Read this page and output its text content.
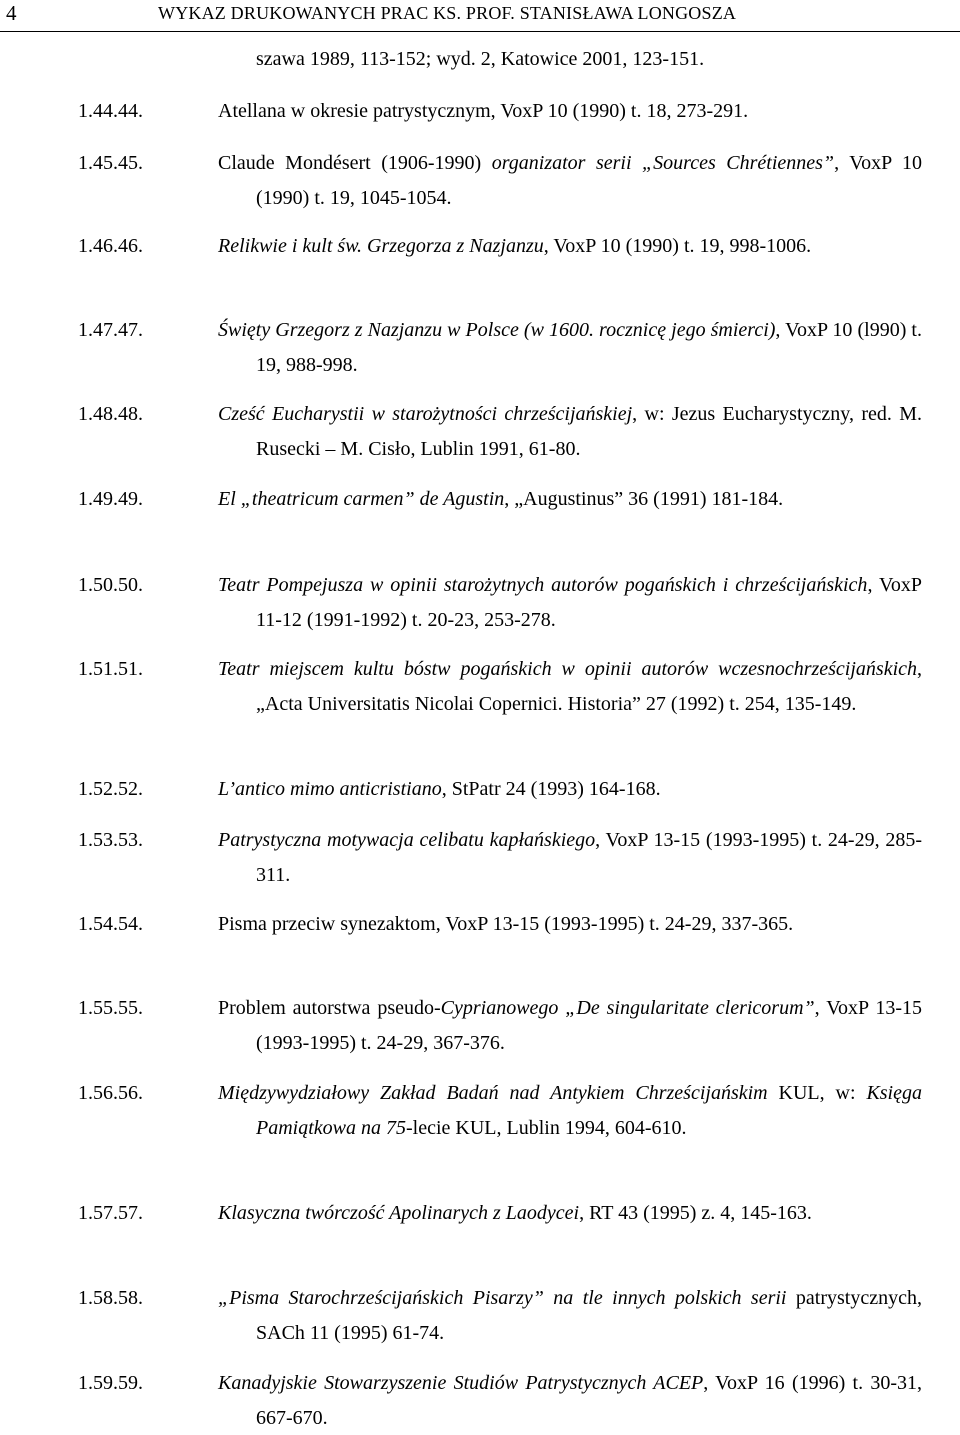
4	WYKAZ DRUKOWANYCH PRAC KS. PROF. STANISŁAWA LONGOSZA
szawa 1989, 113-152; wyd. 2, Katowice 2001, 123-151.
1.44.44.	Atellana w okresie patrystycznym, VoxP 10 (1990) t. 18, 273-291.
1.45.45.	Claude Mondésert (1906-1990) organizator serii „Sources Chrétiennes”, VoxP 10 (1990) t. 19, 1045-1054.
1.46.46.	Relikwie i kult św. Grzegorza z Nazjanzu, VoxP 10 (1990) t. 19, 998-1006.
1.47.47.	Święty Grzegorz z Nazjanzu w Polsce (w 1600. rocznicę jego śmierci), VoxP 10 (l990) t. 19, 988-998.
1.48.48.	Cześć Eucharystii w starożytności chrześcijańskiej, w: Jezus Eucharystyczny, red. M. Rusecki – M. Cisło, Lublin 1991, 61-80.
1.49.49.	El „theatricum carmen” de Agustin, „Augustinus” 36 (1991) 181-184.
1.50.50.	Teatr Pompejusza w opinii starożytnych autorów pogańskich i chrześcijańskich, VoxP 11-12 (1991-1992) t. 20-23, 253-278.
1.51.51.	Teatr miejscem kultu bóstw pogańskich w opinii autorów wczesnochrześcijańskich, „Acta Universitatis Nicolai Copernici. Historia” 27 (1992) t. 254, 135-149.
1.52.52.	L’antico mimo anticristiano, StPatr 24 (1993) 164-168.
1.53.53.	Patrystyczna motywacja celibatu kapłańskiego, VoxP 13-15 (1993-1995) t. 24-29, 285-311.
1.54.54.	Pisma przeciw synezaktom, VoxP 13-15 (1993-1995) t. 24-29, 337-365.
1.55.55.	Problem autorstwa pseudo-Cyprianowego „De singularitate clericorum”, VoxP 13-15 (1993-1995) t. 24-29, 367-376.
1.56.56.	Międzywydziałowy Zakład Badań nad Antykiem Chrześcijańskim KUL, w: Księga Pamiątkowa na 75-lecie KUL, Lublin 1994, 604-610.
1.57.57.	Klasyczna twórczość Apolinarych z Laodycei, RT 43 (1995) z. 4, 145-163.
1.58.58.	„Pisma Starochrześcijańskich Pisarzy” na tle innych polskich serii patrystycznych, SACh 11 (1995) 61-74.
1.59.59.	Kanadyjskie Stowarzyszenie Studiów Patrystycznych ACEP, VoxP 16 (1996) t. 30-31, 667-670.
